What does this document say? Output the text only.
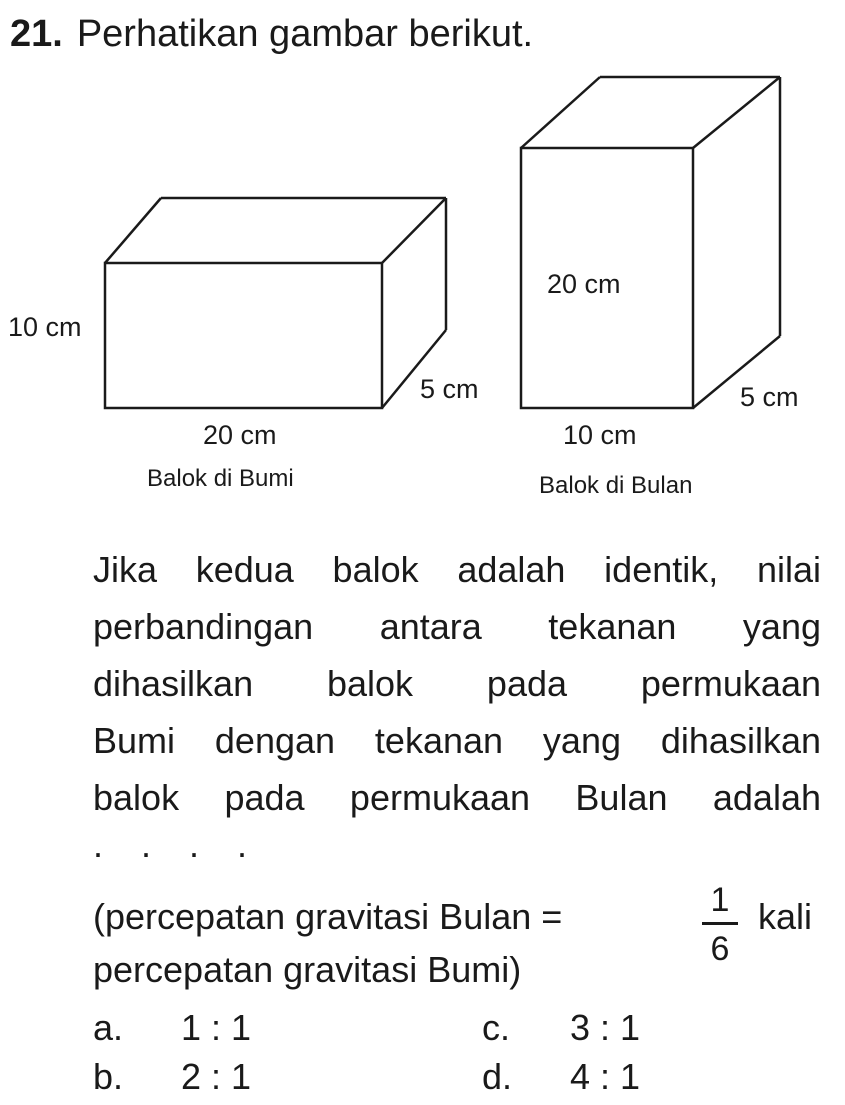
21. Perhatikan gambar berikut.
10 cm
20 cm
5 cm
Balok di Bumi
20 cm
10 cm
5 cm
Balok di Bulan
Jika kedua balok adalah identik, nilai
perbandingan antara tekanan yang
dihasilkan balok pada permukaan
Bumi dengan tekanan yang dihasilkan
balok pada permukaan Bulan adalah
. . . .
(percepatan gravitasi Bulan =	1
6
kali
percepatan gravitasi Bumi)
a. 1 : 1
b. 2 : 1
c. 3 : 1
d. 4 : 1
